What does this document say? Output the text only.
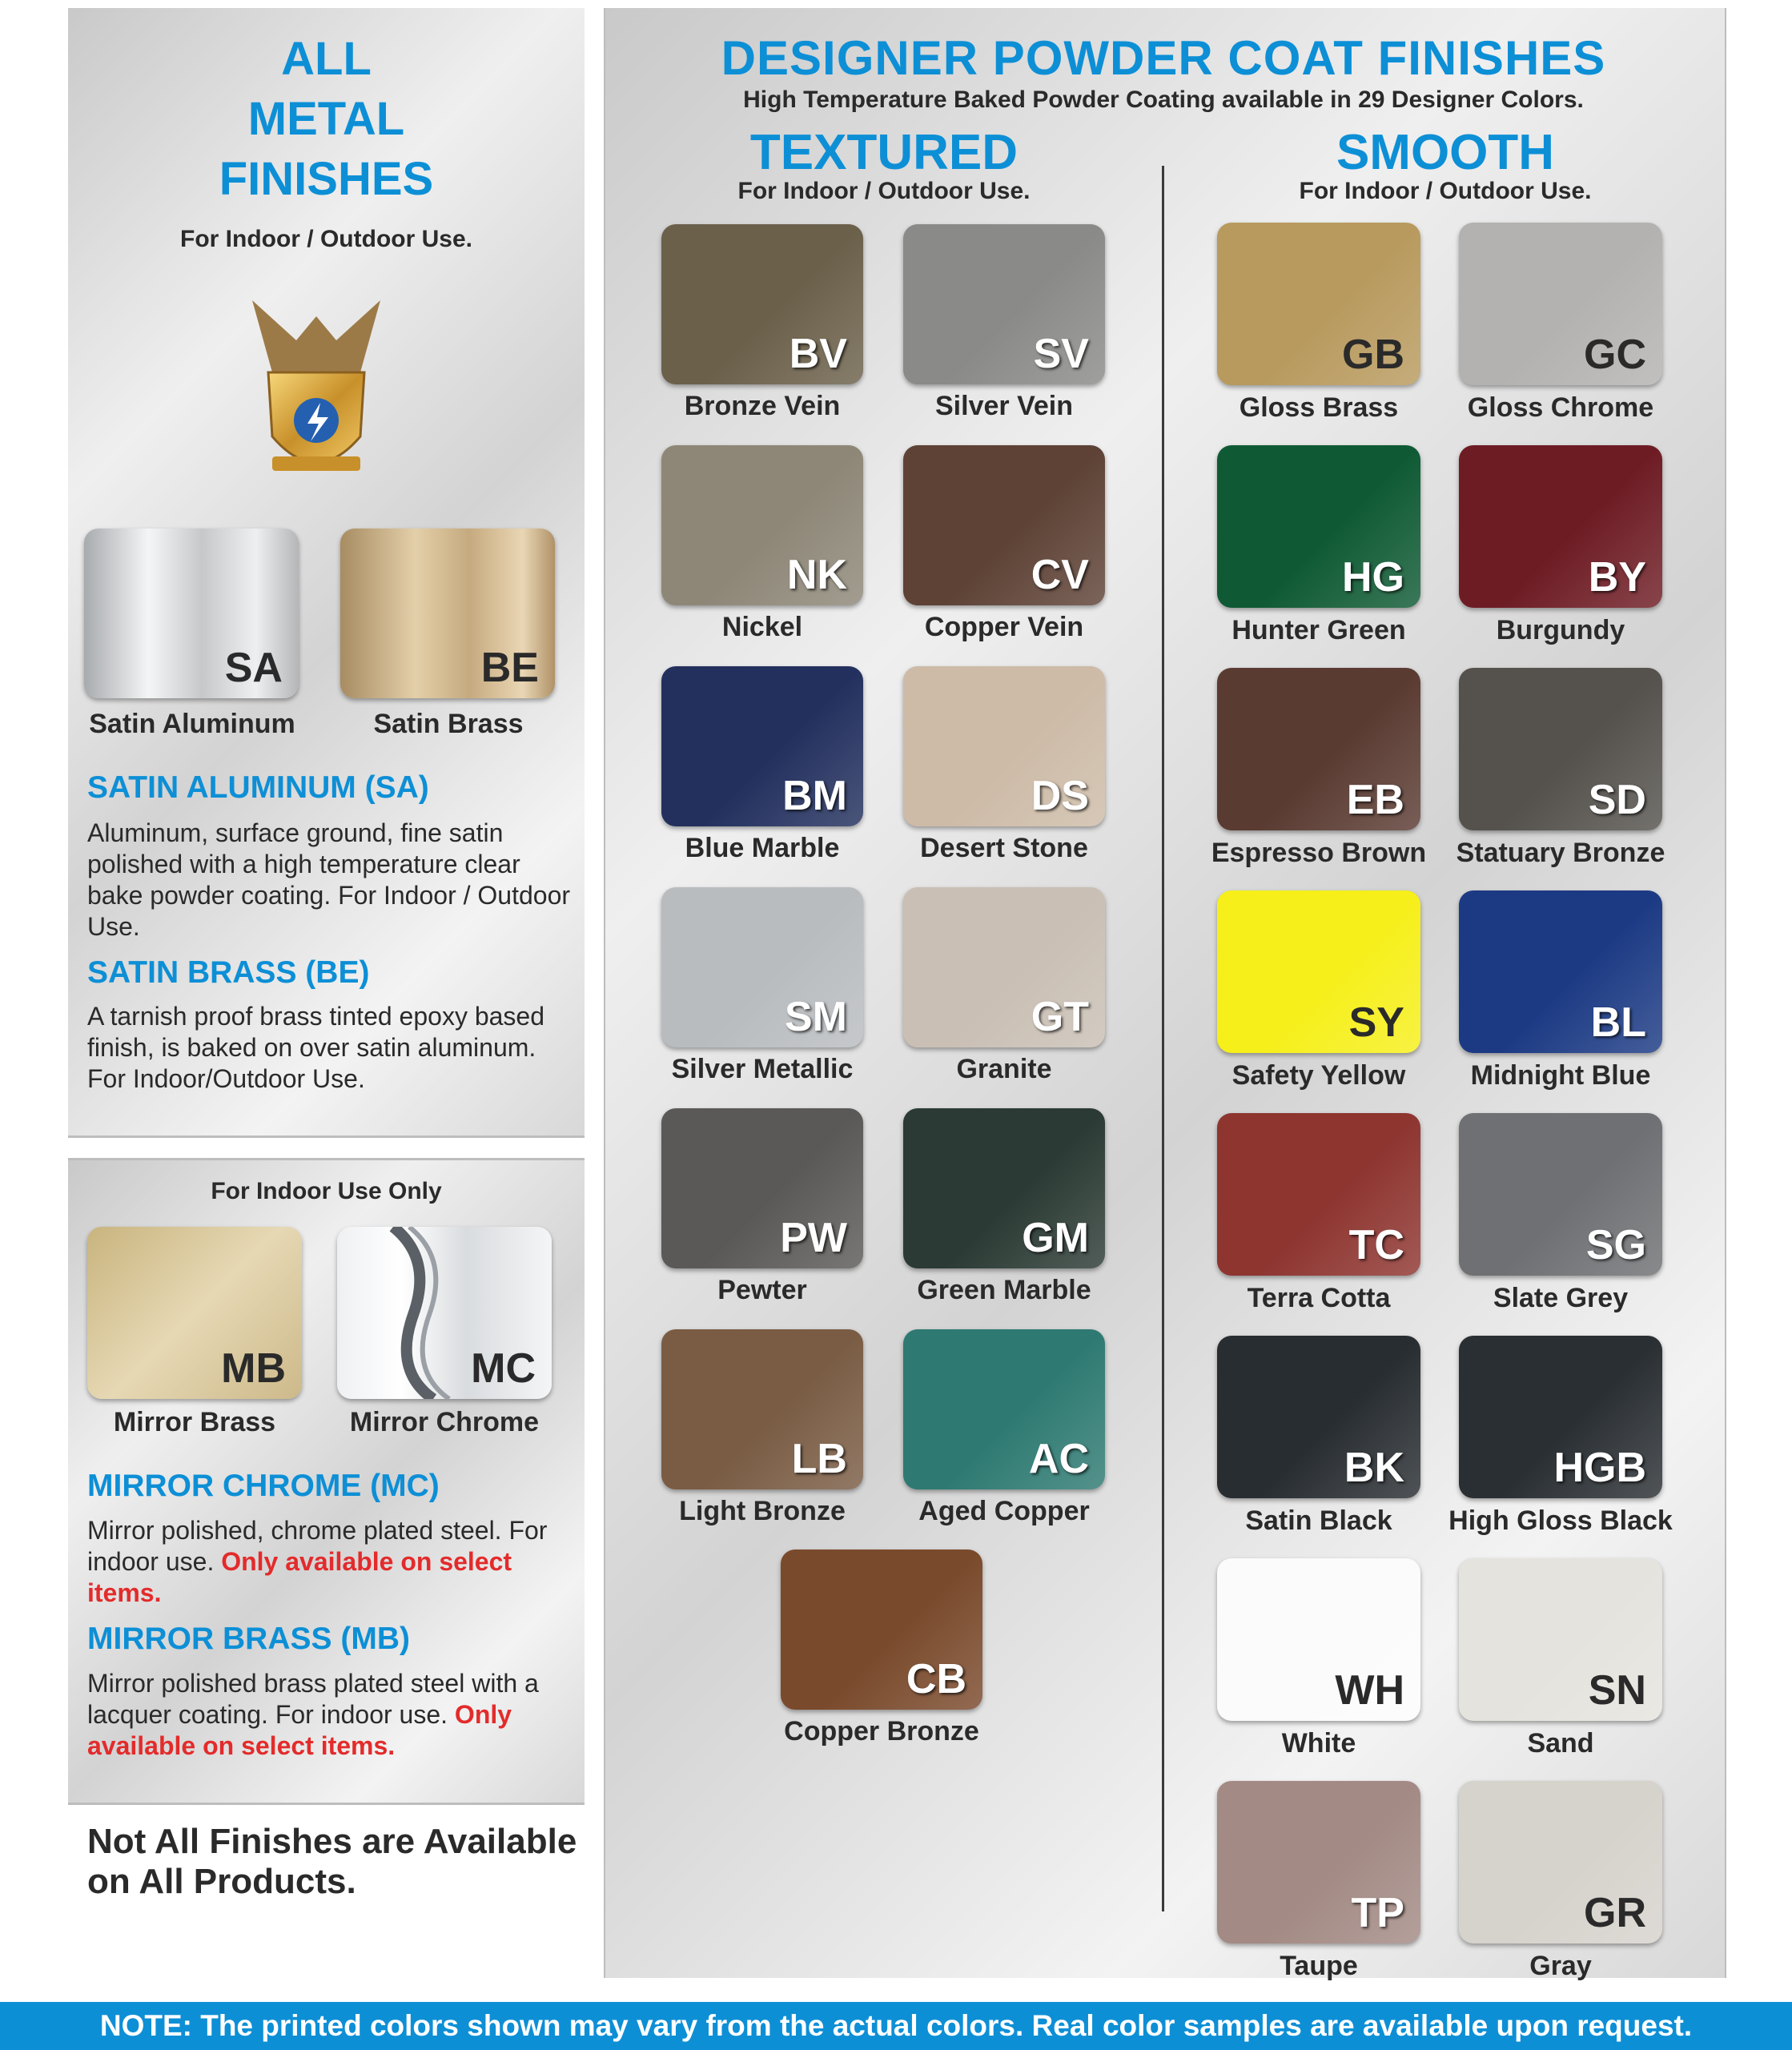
ALL
METAL
FINISHES
For Indoor / Outdoor Use.
SA	BE
Satin Aluminum	Satin Brass
SATIN ALUMINUM (SA)
Aluminum, surface ground, fine satin polished with a high temperature clear bake powder coating. For Indoor / Outdoor Use.
SATIN BRASS (BE)
A tarnish proof brass tinted epoxy based finish, is baked on over satin aluminum. For Indoor/Outdoor Use.
For Indoor Use Only
MB	MC
Mirror Brass	Mirror Chrome
MIRROR CHROME (MC)
Mirror polished, chrome plated steel. For indoor use. Only available on select items.
MIRROR BRASS (MB)
Mirror polished brass plated steel with a lacquer coating. For indoor use. Only available on select items.
Not All Finishes are Available on All Products.
DESIGNER POWDER COAT FINISHES
High Temperature Baked Powder Coating available in 29 Designer Colors.
TEXTURED
For Indoor / Outdoor Use.
SMOOTH
For Indoor / Outdoor Use.
NOTE: The printed colors shown may vary from the actual colors. Real color samples are available upon request.
BV
Bronze Vein
SV
Silver Vein
NK
Nickel
CV
Copper Vein
BM
Blue Marble
DS
Desert Stone
SM
Silver Metallic
GT
Granite
PW
Pewter
GM
Green Marble
LB
Light Bronze
AC
Aged Copper
CB
Copper Bronze
GB
Gloss Brass
GC
Gloss Chrome
HG
Hunter Green
BY
Burgundy
EB
Espresso Brown
SD
Statuary Bronze
SY
Safety Yellow
BL
Midnight Blue
TC
Terra Cotta
SG
Slate Grey
BK
Satin Black
HGB
High Gloss Black
WH
White
SN
Sand
TP
Taupe
GR
Gray
